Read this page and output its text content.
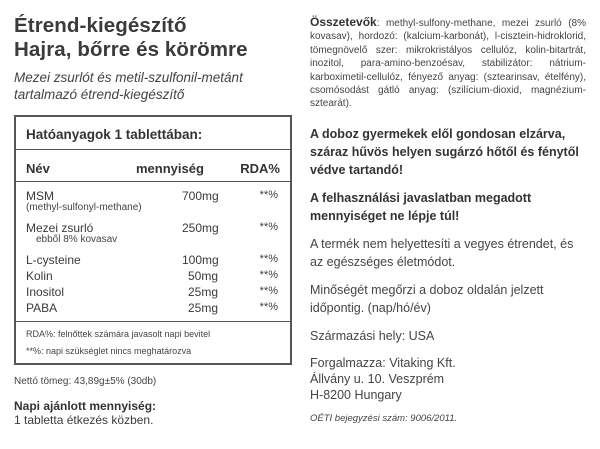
Étrend-kiegészítő
Hajra, bőrre és körömre
Mezei zsurlót és metil-szulfonil-metánt
tartalmazó étrend-kiegészítő
Hatóanyagok 1 tablettában:
Név	mennyiség	RDA%
MSM
(methyl-sulfonyl-methane)
700mg	**%
Mezei zsurló
ebből 8% kovasav
250mg	**%
L-cysteine	100mg	**%
Kolin	50mg	**%
Inositol	25mg	**%
PABA	25mg	**%
RDA%: felnőttek számára javasolt napi bevitel
**%: napi szükséglet nincs meghatározva
Nettó tömeg: 43,89g±5% (30db)
Napi ajánlott mennyiség:
1 tabletta étkezés közben.
Összetevők: methyl-sulfony-methane, mezei zsurló (8% kovasav), hordozó: (kalcium-karbonát), l-cisztein-hidroklorid, tömegnövelő szer: mikrokristályos cellulóz, kolin-bitartrát, inozitol, para-amino-benzoésav, stabilizátor: nátrium-karboximetil-cellulóz, fényező anyag: (sztearinsav, ételfény), csomósodást gátló anyag: (szilícium-dioxid, magnézium-sztearát).
A doboz gyermekek elől gondosan elzárva, száraz hűvös helyen sugárzó hőtől és fénytől védve tartandó!
A felhasználási javaslatban megadott mennyiséget ne lépje túl!
A termék nem helyettesíti a vegyes étrendet, és az egészséges életmódot.
Minőségét megőrzi a doboz oldalán jelzett időpontig. (nap/hó/év)
Származási hely: USA
Forgalmazza: Vitaking Kft.
Állvány u. 10. Veszprém
H-8200 Hungary
OÉTI bejegyzési szám: 9006/2011.
